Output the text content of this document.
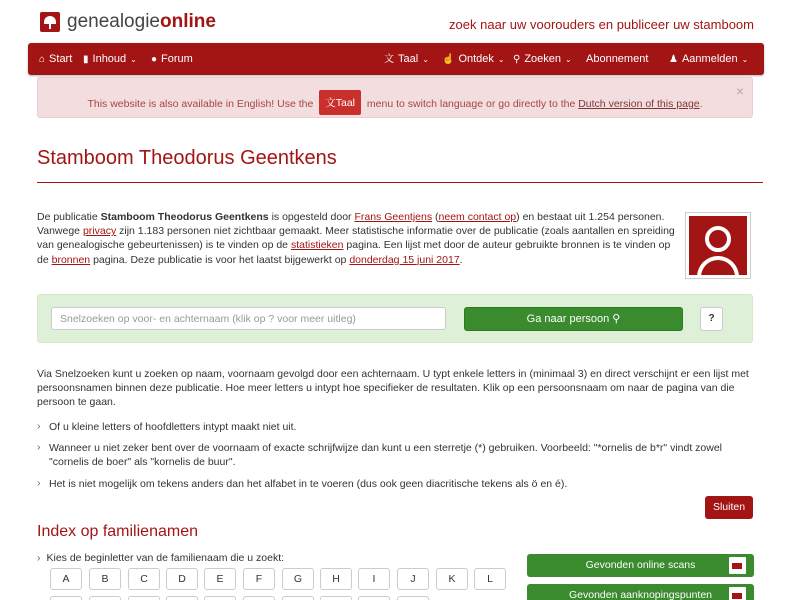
genealogieonline	zoek naar uw voorouders en publiceer uw stamboom
⌂ Start ▮ Inhoud ⌄ ● Forum	文 Taal ⌄ ☝ Ontdek ⌄ ⚲ Zoeken ⌄ Abonnement ♟ Aanmelden ⌄
This website is also available in English! Use the 文Taal menu to switch language or go directly to the Dutch version of this page.
×
Stamboom Theodorus Geentkens
De publicatie Stamboom Theodorus Geentkens is opgesteld door Frans Geentjens (neem contact op) en bestaat uit 1.254 personen. Vanwege privacy zijn 1.183 personen niet zichtbaar gemaakt. Meer statistische informatie over de publicatie (zoals aantallen en spreiding van genealogische gebeurtenissen) is te vinden op de statistieken pagina. Een lijst met door de auteur gebruikte bronnen is te vinden op de bronnen pagina. Deze publicatie is voor het laatst bijgewerkt op donderdag 15 juni 2017.
Snelzoeken op voor- en achternaam (klik op ? voor meer uitleg)
Ga naar persoon ⚲	?
Via Snelzoeken kunt u zoeken op naam, voornaam gevolgd door een achternaam. U typt enkele letters in (minimaal 3) en direct verschijnt er een lijst met persoonsnamen binnen deze publicatie. Hoe meer letters u intypt hoe specifieker de resultaten. Klik op een persoonsnaam om naar de pagina van die persoon te gaan.
› Of u kleine letters of hoofdletters intypt maakt niet uit.
› Wanneer u niet zeker bent over de voornaam of exacte schrijfwijze dan kunt u een sterretje (*) gebruiken. Voorbeeld: "*ornelis de b*r" vindt zowel "cornelis de boer" als "kornelis de buur".
› Het is niet mogelijk om tekens anders dan het alfabet in te voeren (dus ook geen diacritische tekens als ö en é).
Sluiten
Index op familienamen
› Kies de beginletter van de familienaam die u zoekt:
A	B	C	D	E	F	G	H	I	J	K	L
Gevonden online scans
Gevonden aanknopingspunten
